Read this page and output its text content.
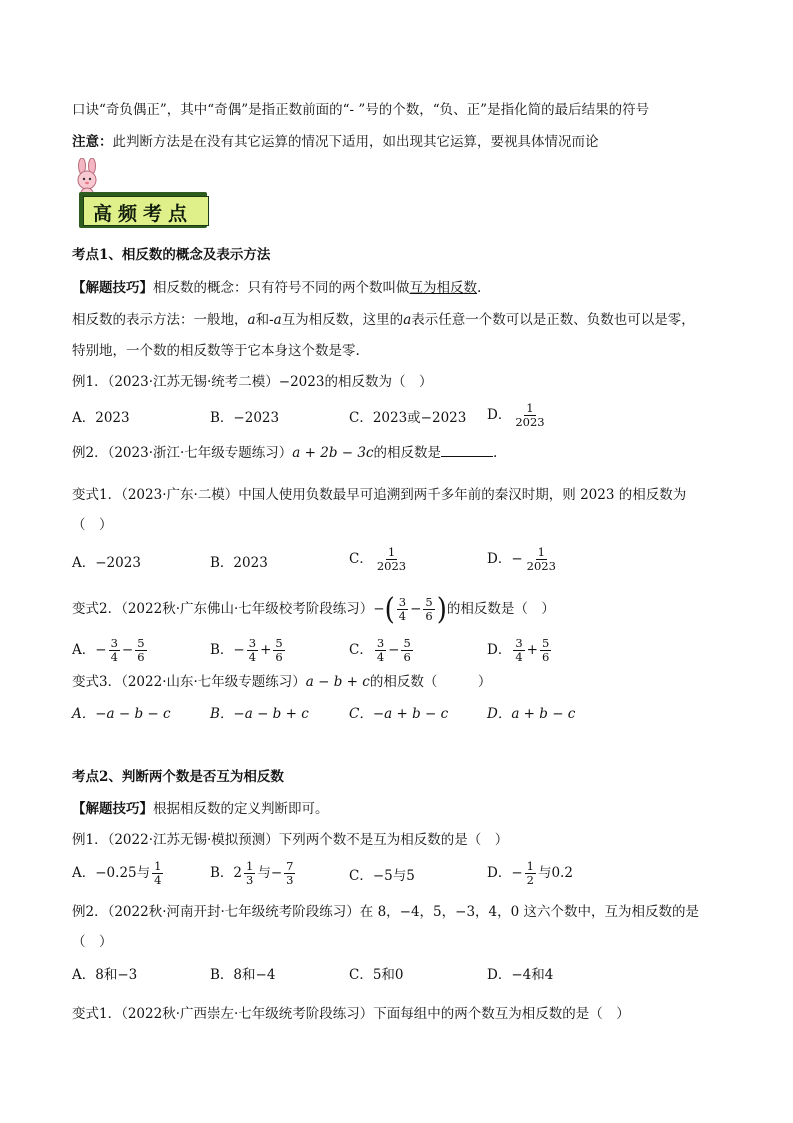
口诀“奇负偶正”，其中“奇偶”是指正数前面的“- ”号的个数，“负、正”是指化简的最后结果的符号
注意：此判断方法是在没有其它运算的情况下适用，如出现其它运算，要视具体情况而论
高频考点
考点1、相反数的概念及表示方法
【解题技巧】相反数的概念：只有符号不同的两个数叫做互为相反数.
相反数的表示方法：一般地，a和-a互为相反数，这里的a表示任意一个数可以是正数、负数也可以是零，
特别地，一个数的相反数等于它本身这个数是零.
例1．（2023·江苏无锡·统考二模）−2023的相反数为（　）
A．2023	B．−2023	C．2023或−2023 D． $\frac{1}{2023}$
例2．（2023·浙江·七年级专题练习）a + 2b − 3c的相反数是	.
变式1．（2023·广东·二模）中国人使用负数最早可追溯到两千多年前的秦汉时期，则 2023 的相反数为
（　）
A．−2023	B．2023	C． $\frac{1}{2023}$	D．− $\frac{1}{2023}$
变式2．（2022秋·广东佛山·七年级校考阶段练习）−( $\frac{3}{4} - \frac{5}{6}$ )的相反数是（　）
A．− $\frac{3}{4} - \frac{5}{6}$	B．− $\frac{3}{4} + \frac{5}{6}$	C． $\frac{3}{4} - \frac{5}{6}$	D． $\frac{3}{4} + \frac{5}{6}$
变式3．（2022·山东·七年级专题练习）a − b + c的相反数（　　　）
A．−a − b − c	B．−a − b + c	C．−a + b − c	D．a + b − c
考点2、判断两个数是否互为相反数
【解题技巧】根据相反数的定义判断即可。
例1．（2022·江苏无锡·模拟预测）下列两个数不是互为相反数的是（　）
A．−0.25与 $\frac{1}{4}$	B．$2 \frac{1}{3}$ 与− $\frac{7}{3}$	C．−5与5	D．− $\frac{1}{2}$ 与0.2
例2．（2022秋·河南开封·七年级统考阶段练习）在 8，−4，5，−3，4，0 这六个数中，互为相反数的是
（　）
A．8和−3	B．8和−4	C．5和0	D．−4和4
变式1．（2022秋·广西崇左·七年级统考阶段练习）下面每组中的两个数互为相反数的是（　）
